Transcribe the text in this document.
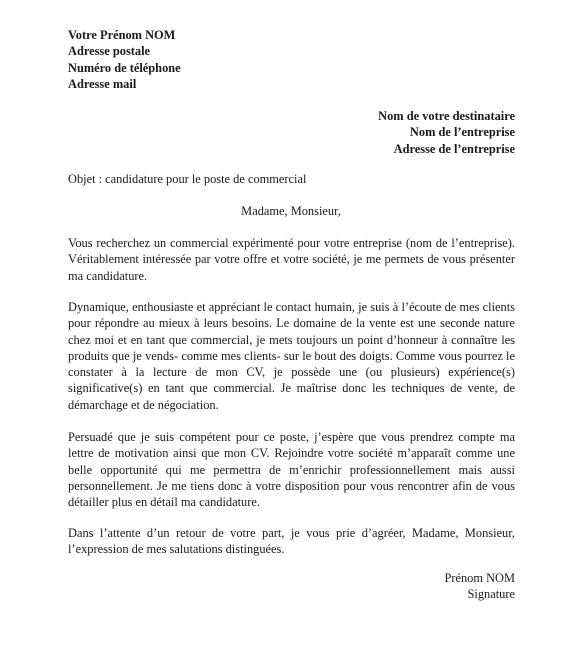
Votre Prénom NOM
Adresse postale
Numéro de téléphone
Adresse mail
Nom de votre destinataire
Nom de l’entreprise
Adresse de l’entreprise
Objet : candidature pour le poste de commercial
Madame, Monsieur,
Vous recherchez un commercial expérimenté pour votre entreprise (nom de l’entreprise). Véritablement intéressée par votre offre et votre société, je me permets de vous présenter ma candidature.
Dynamique, enthousiaste et appréciant le contact humain, je suis à l’écoute de mes clients pour répondre au mieux à leurs besoins. Le domaine de la vente est une seconde nature chez moi et en tant que commercial, je mets toujours un point d’honneur à connaître les produits que je vends- comme mes clients- sur le bout des doigts. Comme vous pourrez le constater à la lecture de mon CV, je possède une (ou plusieurs) expérience(s) significative(s) en tant que commercial. Je maîtrise donc les techniques de vente, de démarchage et de négociation.
Persuadé que je suis compétent pour ce poste, j’espère que vous prendrez compte ma lettre de motivation ainsi que mon CV. Rejoindre votre société m’apparaît comme une belle opportunité qui me permettra de m’enrichir professionnellement mais aussi personnellement. Je me tiens donc à votre disposition pour vous rencontrer afin de vous détailler plus en détail ma candidature.
Dans l’attente d’un retour de votre part, je vous prie d’agréer, Madame, Monsieur, l’expression de mes salutations distinguées.
Prénom NOM
Signature
